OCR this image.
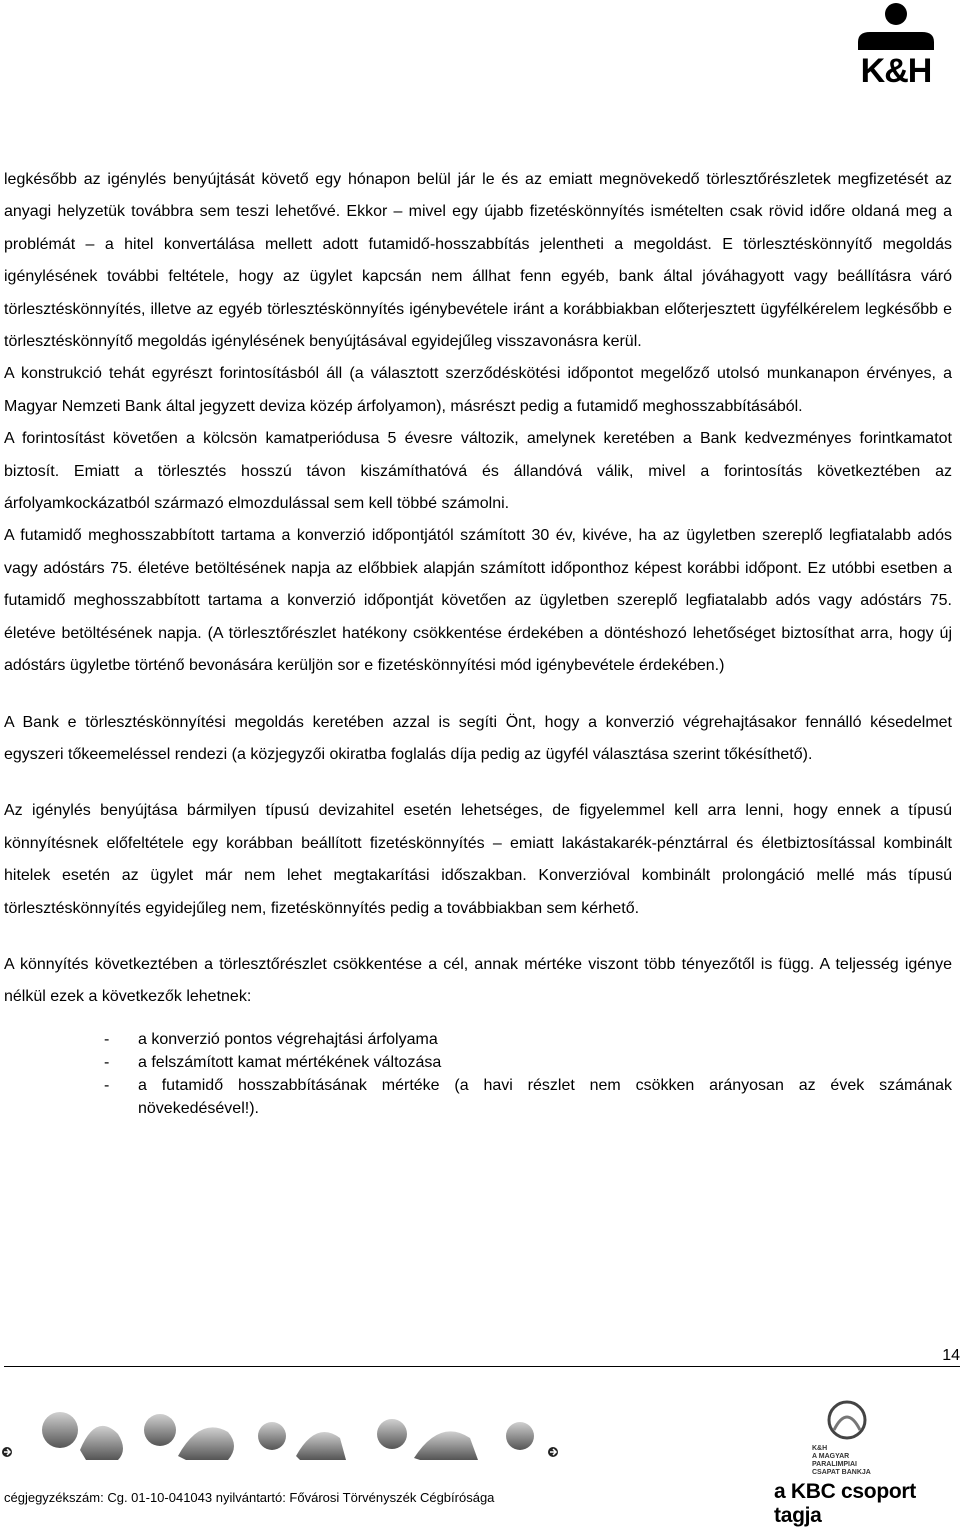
K&H

legkésőbb az igénylés benyújtását követő egy hónapon belül jár le és az emiatt megnövekedő törlesztőrészletek megfizetését az anyagi helyzetük továbbra sem teszi lehetővé. Ekkor – mivel egy újabb fizetéskönnyítés ismételten csak rövid időre oldaná meg a problémát – a hitel konvertálása mellett adott futamidő-hosszabbítás jelentheti a megoldást. E törlesztéskönnyítő megoldás igénylésének további feltétele, hogy az ügylet kapcsán nem állhat fenn egyéb, bank által jóváhagyott vagy beállításra váró törlesztéskönnyítés, illetve az egyéb törlesztéskönnyítés igénybevétele iránt a korábbiakban előterjesztett ügyfélkérelem legkésőbb e törlesztéskönnyítő megoldás igénylésének benyújtásával egyidejűleg visszavonásra kerül.

A konstrukció tehát egyrészt forintosításból áll (a választott szerződéskötési időpontot megelőző utolsó munkanapon érvényes, a Magyar Nemzeti Bank által jegyzett deviza közép árfolyamon), másrészt pedig a futamidő meghosszabbításából.

A forintosítást követően a kölcsön kamatperiódusa 5 évesre változik, amelynek keretében a Bank kedvezményes forintkamatot biztosít. Emiatt a törlesztés hosszú távon kiszámíthatóvá és állandóvá válik, mivel a forintosítás következtében az árfolyamkockázatból származó elmozdulással sem kell többé számolni.

A futamidő meghosszabbított tartama a konverzió időpontjától számított 30 év, kivéve, ha az ügyletben szereplő legfiatalabb adós vagy adóstárs 75. életéve betöltésének napja az előbbiek alapján számított időponthoz képest korábbi időpont. Ez utóbbi esetben a futamidő meghosszabbított tartama a konverzió időpontját követően az ügyletben szereplő legfiatalabb adós vagy adóstárs 75. életéve betöltésének napja. (A törlesztőrészlet hatékony csökkentése érdekében a döntéshozó lehetőséget biztosíthat arra, hogy új adóstárs ügyletbe történő bevonására kerüljön sor e fizetéskönnyítési mód igénybevétele érdekében.)

A Bank e törlesztéskönnyítési megoldás keretében azzal is segíti Önt, hogy a konverzió végrehajtásakor fennálló késedelmet egyszeri tőkeemeléssel rendezi (a közjegyzői okiratba foglalás díja pedig az ügyfél választása szerint tőkésíthető).

Az igénylés benyújtása bármilyen típusú devizahitel esetén lehetséges, de figyelemmel kell arra lenni, hogy ennek a típusú könnyítésnek előfeltétele egy korábban beállított fizetéskönnyítés – emiatt lakástakarék-pénztárral és életbiztosítással kombinált hitelek esetén az ügylet már nem lehet megtakarítási időszakban. Konverzióval kombinált prolongáció mellé más típusú törlesztéskönnyítés egyidejűleg nem, fizetéskönnyítés pedig a továbbiakban sem kérhető.

A könnyítés következtében a törlesztőrészlet csökkentése a cél, annak mértéke viszont több tényezőtől is függ. A teljesség igénye nélkül ezek a következők lehetnek:

- a konverzió pontos végrehajtási árfolyama
- a felszámított kamat mértékének változása
- a futamidő hosszabbításának mértéke (a havi részlet nem csökken arányosan az évek számának növekedésével!).
14
K&H
A MAGYAR
PARALIMPIAI
CSAPAT BANKJA
cégjegyzékszám: Cg. 01-10-041043 nyilvántartó: Fővárosi Törvényszék Cégbírósága	a KBC csoport tagja
